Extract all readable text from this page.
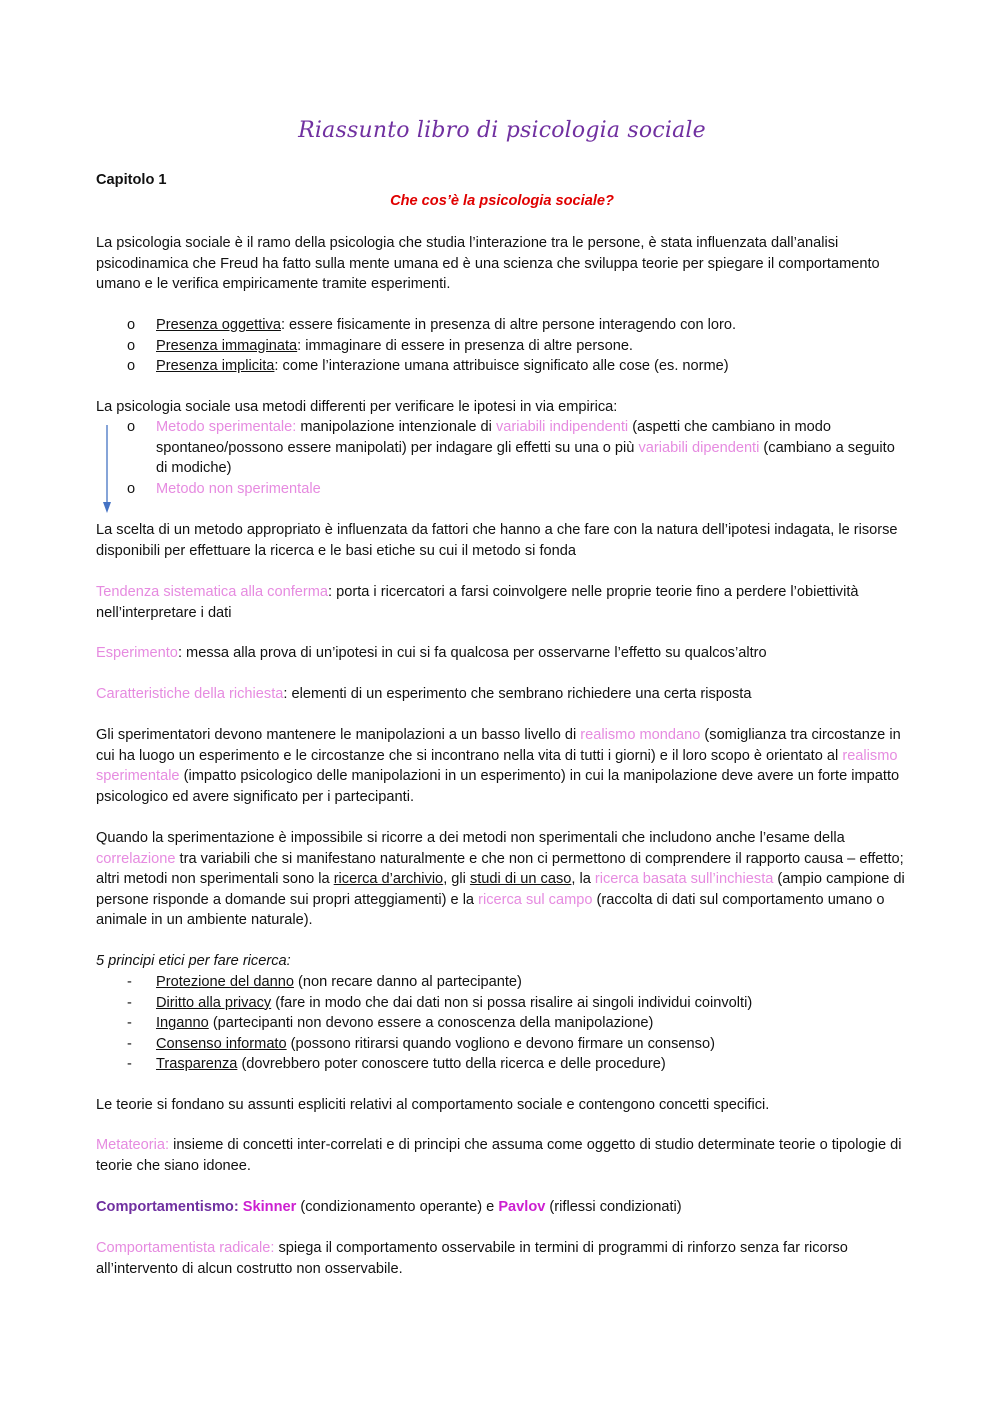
Riassunto libro di psicologia sociale
Capitolo 1
Che cos’è la psicologia sociale?
La psicologia sociale è il ramo della psicologia che studia l’interazione tra le persone, è stata influenzata dall’analisi psicodinamica che Freud ha fatto sulla mente umana ed è una scienza che sviluppa teorie per spiegare il comportamento umano e le verifica empiricamente tramite esperimenti.
o	Presenza oggettiva: essere fisicamente in presenza di altre persone interagendo con loro.
o	Presenza immaginata: immaginare di essere in presenza di altre persone.
o	Presenza implicita: come l’interazione umana attribuisce significato alle cose (es. norme)
La psicologia sociale usa metodi differenti per verificare le ipotesi in via empirica:
o	Metodo sperimentale: manipolazione intenzionale di variabili indipendenti (aspetti che cambiano in modo spontaneo/possono essere manipolati) per indagare gli effetti su una o più variabili dipendenti (cambiano a seguito di modiche)
o	Metodo non sperimentale
La scelta di un metodo appropriato è influenzata da fattori che hanno a che fare con la natura dell’ipotesi indagata, le risorse disponibili per effettuare la ricerca e le basi etiche su cui il metodo si fonda
Tendenza sistematica alla conferma: porta i ricercatori a farsi coinvolgere nelle proprie teorie fino a perdere l’obiettività nell’interpretare i dati
Esperimento: messa alla prova di un’ipotesi in cui si fa qualcosa per osservarne l’effetto su qualcos’altro
Caratteristiche della richiesta: elementi di un esperimento che sembrano richiedere una certa risposta
Gli sperimentatori devono mantenere le manipolazioni a un basso livello di realismo mondano (somiglianza tra circostanze in cui ha luogo un esperimento e le circostanze che si incontrano nella vita di tutti i giorni) e il loro scopo è orientato al realismo sperimentale (impatto psicologico delle manipolazioni in un esperimento) in cui la manipolazione deve avere un forte impatto psicologico ed avere significato per i partecipanti.
Quando la sperimentazione è impossibile si ricorre a dei metodi non sperimentali che includono anche l’esame della correlazione tra variabili che si manifestano naturalmente e che non ci permettono di comprendere il rapporto causa – effetto; altri metodi non sperimentali sono la ricerca d’archivio, gli studi di un caso, la ricerca basata sull’inchiesta (ampio campione di persone risponde a domande sui propri atteggiamenti) e la ricerca sul campo (raccolta di dati sul comportamento umano o animale in un ambiente naturale).
5 principi etici per fare ricerca:
-	Protezione del danno (non recare danno al partecipante)
-	Diritto alla privacy (fare in modo che dai dati non si possa risalire ai singoli individui coinvolti)
-	Inganno (partecipanti non devono essere a conoscenza della manipolazione)
-	Consenso informato (possono ritirarsi quando vogliono e devono firmare un consenso)
-	Trasparenza (dovrebbero poter conoscere tutto della ricerca e delle procedure)
Le teorie si fondano su assunti espliciti relativi al comportamento sociale e contengono concetti specifici.
Metateoria: insieme di concetti inter-correlati e di principi che assuma come oggetto di studio determinate teorie o tipologie di teorie che siano idonee.
Comportamentismo: Skinner (condizionamento operante) e Pavlov (riflessi condizionati)
Comportamentista radicale: spiega il comportamento osservabile in termini di programmi di rinforzo senza far ricorso all’intervento di alcun costrutto non osservabile.
